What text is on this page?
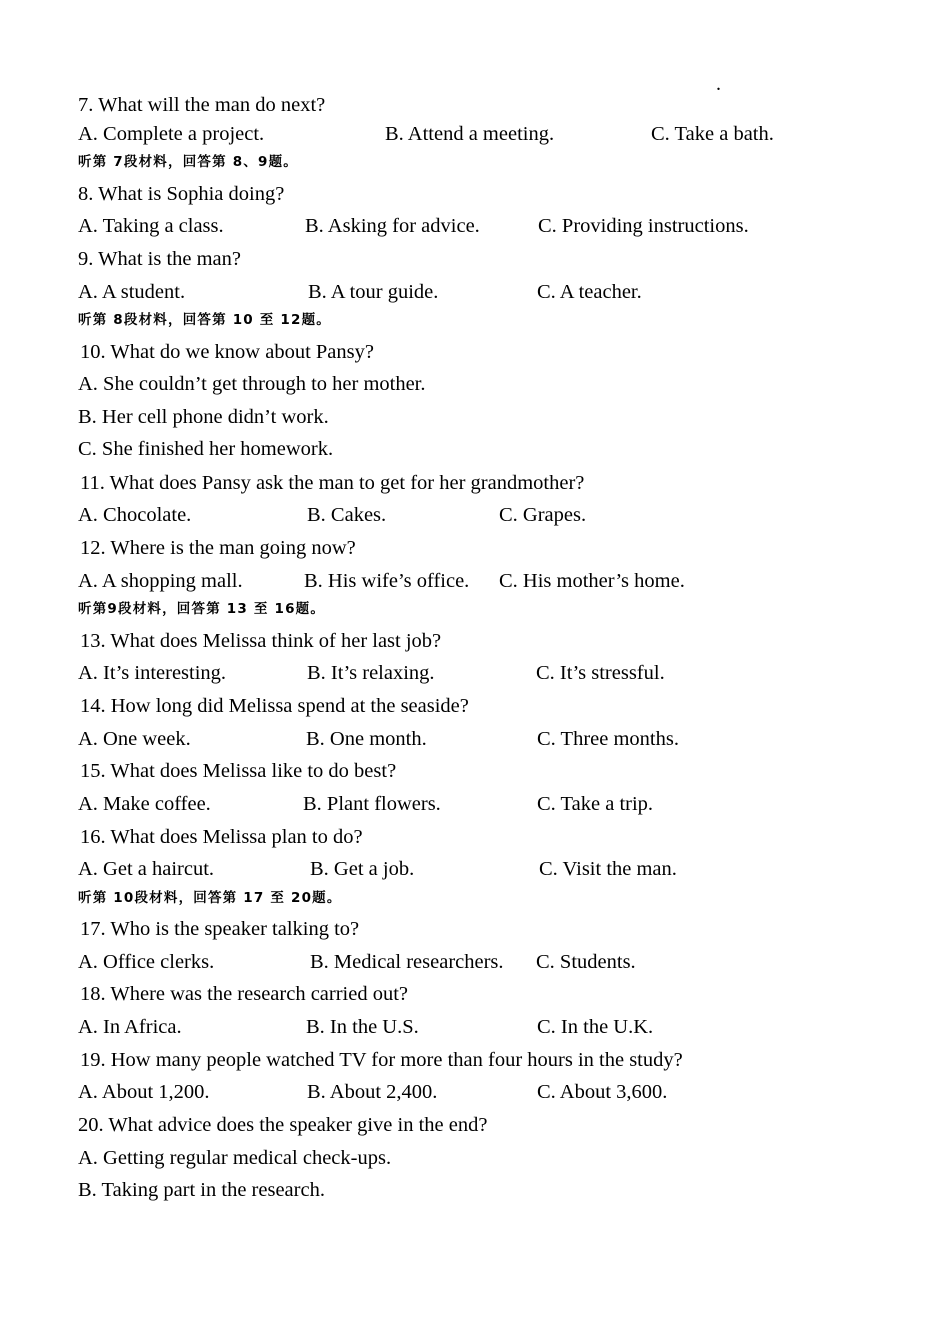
.
7. What will the man do next?
A. Complete a project.	B. Attend a meeting.	C. Take a bath.
听第 7段材料，回答第 8、9题。
8. What is Sophia doing?
A. Taking a class.	B. Asking for advice.	C. Providing instructions.
9. What is the man?
A. A student.	B. A tour guide.	C. A teacher.
听第 8段材料，回答第 10 至 12题。
10. What do we know about Pansy?
A. She couldn’t get through to her mother.
B. Her cell phone didn’t work.
C. She finished her homework.
11. What does Pansy ask the man to get for her grandmother?
A. Chocolate.	B. Cakes.	C. Grapes.
12. Where is the man going now?
A. A shopping mall.	B. His wife’s office. C. His mother’s home.
听第9段材料，回答第 13 至 16题。
13. What does Melissa think of her last job?
A. It’s interesting.	B. It’s relaxing.	C. It’s stressful.
14. How long did Melissa spend at the seaside?
A. One week.	B. One month.	C. Three months.
15. What does Melissa like to do best?
A. Make coffee.	B. Plant flowers.	C. Take a trip.
16. What does Melissa plan to do?
A. Get a haircut.	B. Get a job.	C. Visit the man.
听第 10段材料，回答第 17 至 20题。
17. Who is the speaker talking to?
A. Office clerks.	B. Medical researchers. C. Students.
18. Where was the research carried out?
A. In Africa.	B. In the U.S.	C. In the U.K.
19. How many people watched TV for more than four hours in the study?
A. About 1,200.	B. About 2,400.	C. About 3,600.
20. What advice does the speaker give in the end?
A. Getting regular medical check-ups.
B. Taking part in the research.
